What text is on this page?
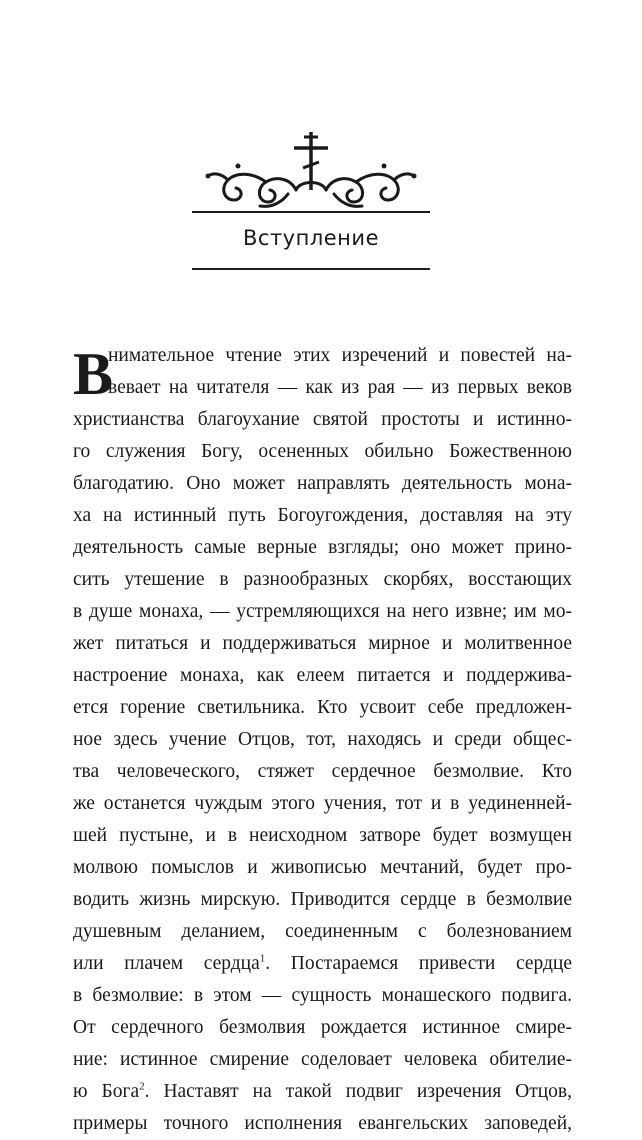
Вступление
В
нимательное чтение этих изречений и повестей на-
вевает на читателя — как из рая — из первых веков
христианства благоухание святой простоты и истинно-
го служения Богу, осененных обильно Божественною
благодатию. Оно может направлять деятельность мона-
ха на истинный путь Богоугождения, доставляя на эту
деятельность самые верные взгляды; оно может прино-
сить утешение в разнообразных скорбях, восстающих
в душе монаха, — устремляющихся на него извне; им мо-
жет питаться и поддерживаться мирное и молитвенное
настроение монаха, как елеем питается и поддержива-
ется горение светильника. Кто усвоит себе предложен-
ное здесь учение Отцов, тот, находясь и среди общес-
тва человеческого, стяжет сердечное безмолвие. Кто
же останется чуждым этого учения, тот и в уединенней-
шей пустыне, и в неисходном затворе будет возмущен
молвою помыслов и живописью мечтаний, будет про-
водить жизнь мирскую. Приводится сердце в безмолвие
душевным деланием, соединенным с болезнованием
или плачем сердца$^1$. Постараемся привести сердце
в безмолвие: в этом — сущность монашеского подвига.
От сердечного безмолвия рождается истинное смире-
ние: истинное смирение соделовает человека обителие-
ю Бога$^2$. Наставят на такой подвиг изречения Отцов,
примеры точного исполнения евангельских заповедей,
